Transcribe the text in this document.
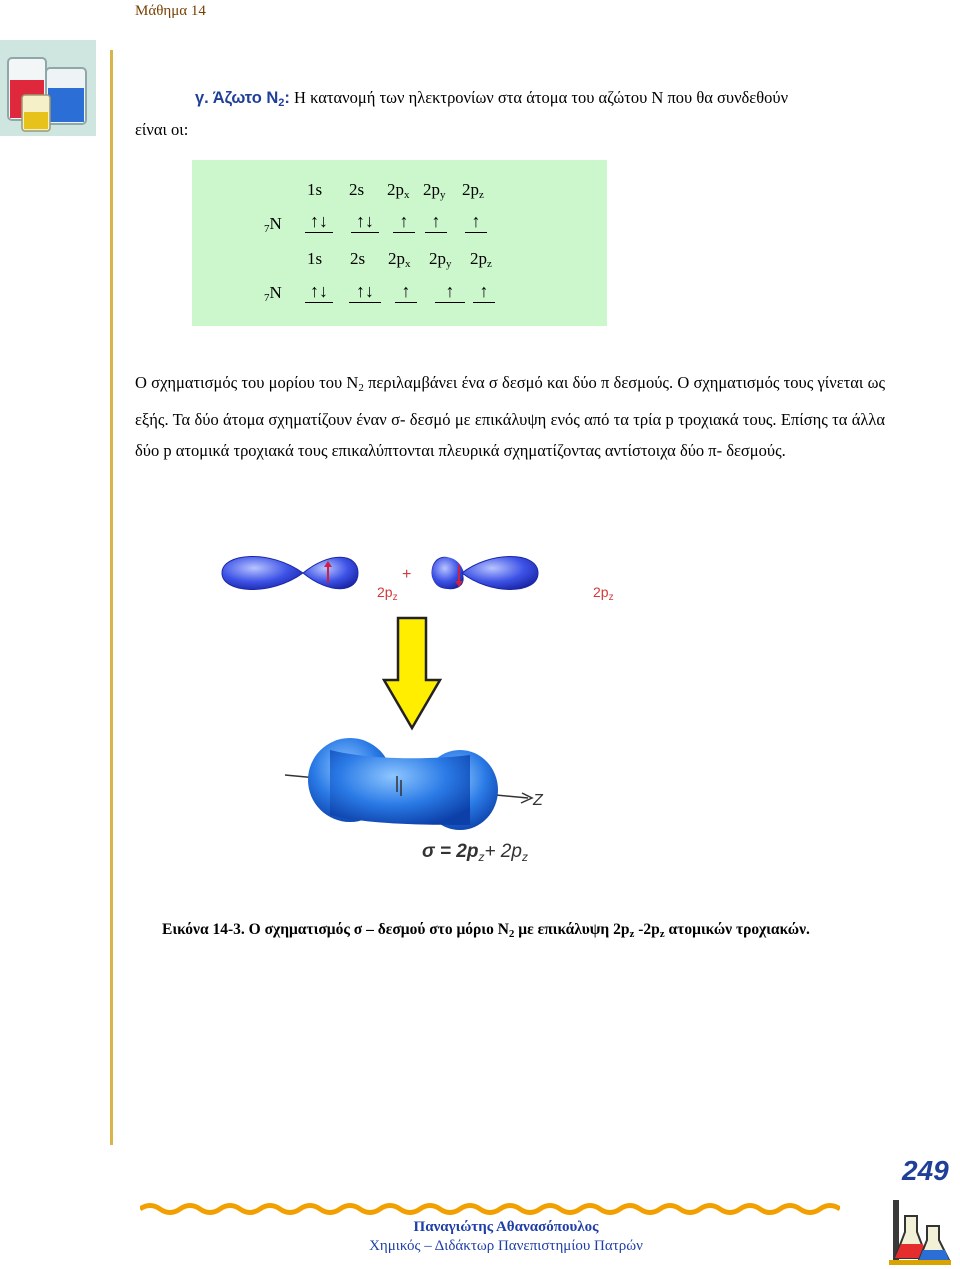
Μάθημα 14
γ. Άζωτο $N_2$: Η κατανομή των ηλεκτρονίων στα άτομα του αζώτου Ν που θα συνδεθούν
είναι οι:
1s 2s $2p_x$ $2p_y$ $2p_z$
$_7$N ↑↓ ↑↓	↑	↑	↑
1s 2s $2p_x$ $2p_y$ $2p_z$
$_7$N ↑↓	↑↓	↑	↑	↑
Ο σχηματισμός του μορίου του $N_2$ περιλαμβάνει ένα σ δεσμό και δύο π δεσμούς. Ο σχηματισμός τους γίνεται ως εξής. Τα δύο άτομα σχηματίζουν έναν σ- δεσμό με επικάλυψη ενός από τα τρία p τροχιακά τους. Επίσης τα άλλα δύο p ατομικά τροχιακά τους επικαλύπτονται πλευρικά σχηματίζοντας αντίστοιχα δύο π- δεσμούς.
$2p_z$
+
$2p_z$
Z
$\sigma = 2p_z+ 2p_z$
Εικόνα 14-3. Ο σχηματισμός σ – δεσμού στο μόριο $N_2$ με επικάλυψη $2p_z$ $-2p_z$ ατομικών τροχιακών.
249
Παναγιώτης Αθανασόπουλος
Χημικός – Διδάκτωρ Πανεπιστημίου Πατρών
